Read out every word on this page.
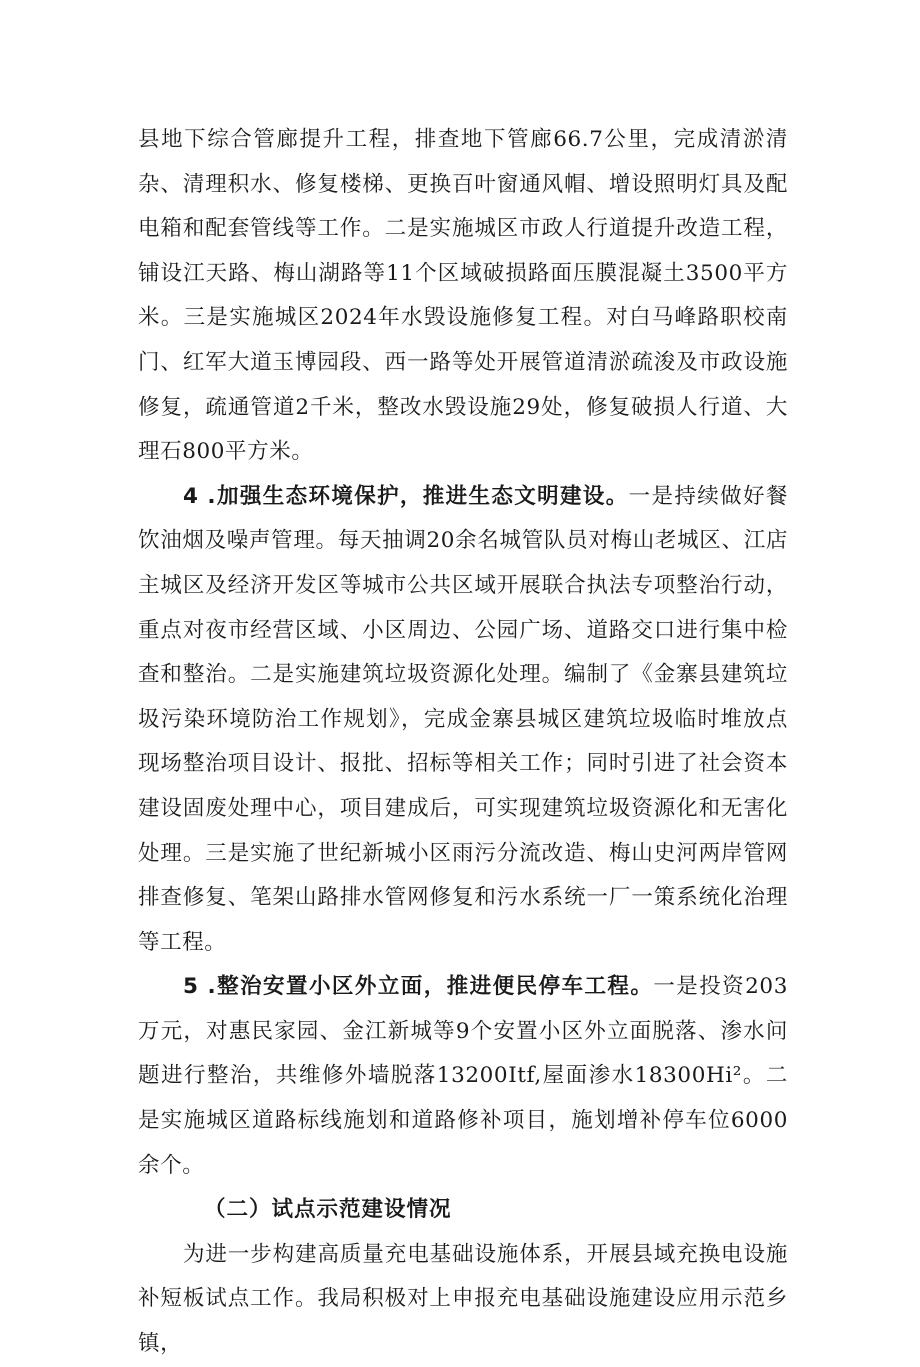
县地下综合管廊提升工程，排查地下管廊66.7公里，完成清淤清杂、清理积水、修复楼梯、更换百叶窗通风帽、增设照明灯具及配电箱和配套管线等工作。二是实施城区市政人行道提升改造工程，铺设江天路、梅山湖路等11个区域破损路面压膜混凝土3500平方米。三是实施城区2024年水毁设施修复工程。对白马峰路职校南门、红军大道玉博园段、西一路等处开展管道清淤疏浚及市政设施修复，疏通管道2千米，整改水毁设施29处，修复破损人行道、大理石800平方米。

4 .加强生态环境保护，推进生态文明建设。一是持续做好餐饮油烟及噪声管理。每天抽调20余名城管队员对梅山老城区、江店主城区及经济开发区等城市公共区域开展联合执法专项整治行动，重点对夜市经营区域、小区周边、公园广场、道路交口进行集中检查和整治。二是实施建筑垃圾资源化处理。编制了《金寨县建筑垃圾污染环境防治工作规划》，完成金寨县城区建筑垃圾临时堆放点现场整治项目设计、报批、招标等相关工作；同时引进了社会资本建设固废处理中心，项目建成后，可实现建筑垃圾资源化和无害化处理。三是实施了世纪新城小区雨污分流改造、梅山史河两岸管网排查修复、笔架山路排水管网修复和污水系统一厂一策系统化治理等工程。

5 .整治安置小区外立面，推进便民停车工程。一是投资203万元，对惠民家园、金江新城等9个安置小区外立面脱落、渗水问题进行整治，共维修外墙脱落13200Itf,屋面渗水18300Hi²。二是实施城区道路标线施划和道路修补项目，施划增补停车位6000余个。

（二）试点示范建设情况

为进一步构建高质量充电基础设施体系，开展县域充换电设施补短板试点工作。我局积极对上申报充电基础设施建设应用示范乡镇，
